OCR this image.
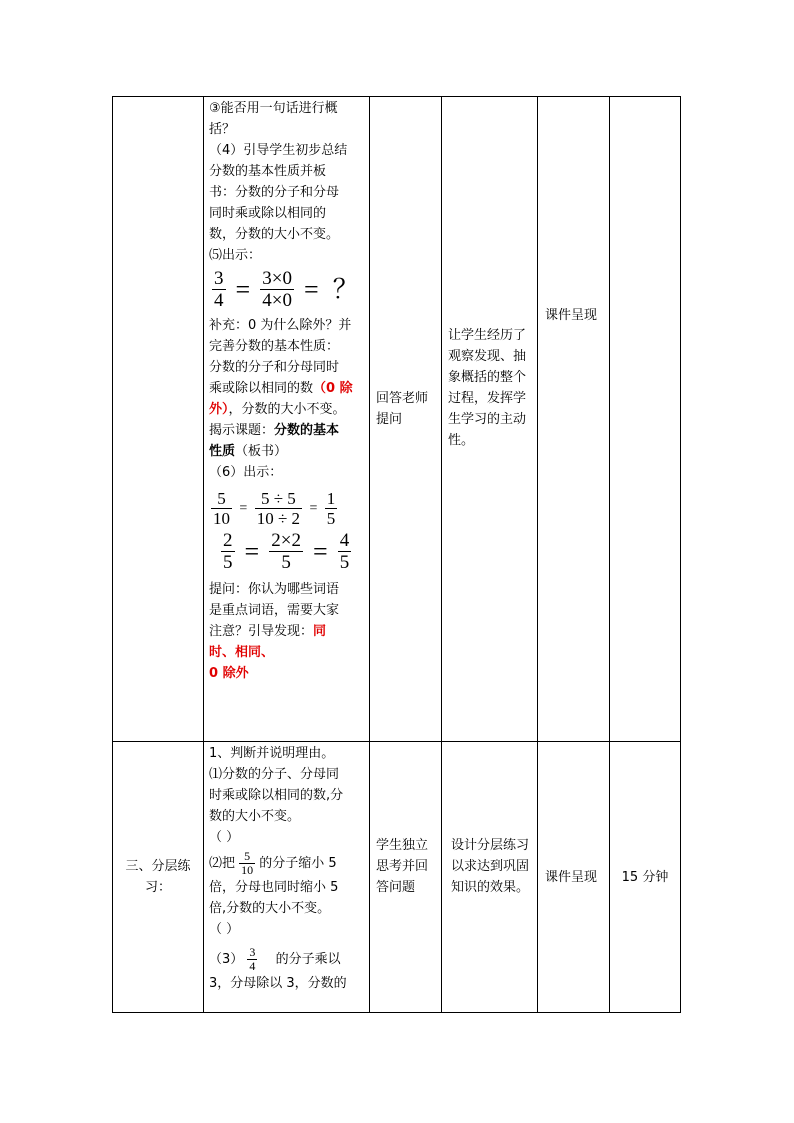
③能否用一句话进行概
括？
（4）引导学生初步总结
分数的基本性质并板
书：分数的分子和分母
同时乘或除以相同的
数，分数的大小不变。
⑸出示：
$\frac{3}{4} = \frac{3\times 0}{4\times 0}$ = ？
补充：0 为什么除外？并
完善分数的基本性质：
分数的分子和分母同时
乘或除以相同的数（0 除
外），分数的大小不变。
揭示课题：分数的基本
性质（板书）
（6）出示：
$\frac{5}{10} = \frac{5 \div 5}{10 \div 2} = \frac{1}{5}$
$\frac{2}{5} = \frac{2\times 2}{5} = \frac{4}{5}$
提问：你认为哪些词语
是重点词语，需要大家
注意？引导发现：同
时、相同、
0 除外
回答老师提问
让学生经历了观察发现、抽象概括的整个过程，发挥学生学习的主动性。
课件呈现
三、分层练习：
1、判断并说明理由。
⑴分数的分子、分母同
时乘或除以相同的数,分
数的大小不变。
（ ）
⑵把 $\frac{5}{10}$ 的分子缩小 5
倍，分母也同时缩小 5
倍,分数的大小不变。
（ ）
$(3) \frac{3}{4}$ 的分子乘以
3，分母除以 3，分数的
学生独立思考并回答问题
设计分层练习以求达到巩固知识的效果。
课件呈现	15 分钟
